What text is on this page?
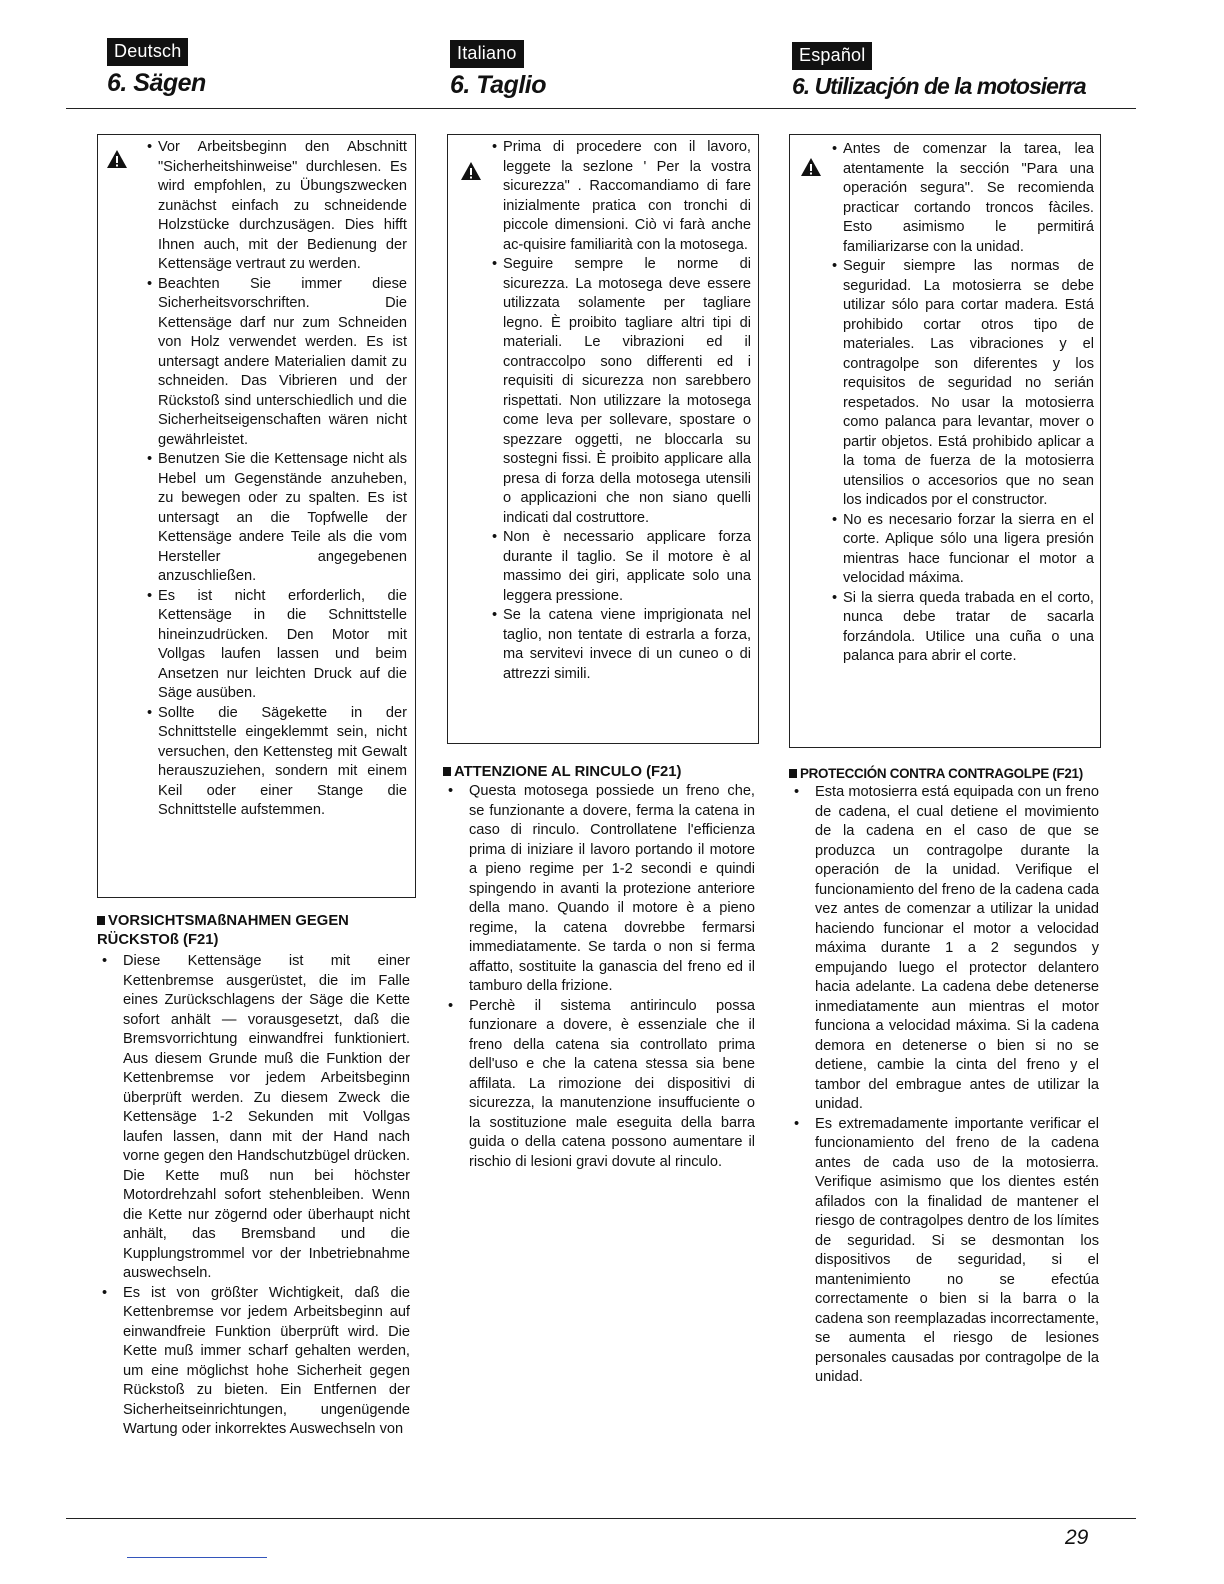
Deutsch
6. Sägen
Italiano
6. Taglio
Español
6. Utilizacjón de la motosierra
• Vor Arbeitsbeginn den Abschnitt "Sicherheitshinweise" durchlesen. Es wird empfohlen, zu Übungszwecken zunächst einfach zu schneidende Holzstücke durchzusägen. Dies hifft Ihnen auch, mit der Bedienung der Kettensäge vertraut zu werden.
• Beachten Sie immer diese Sicherheitsvorschriften. Die Kettensäge darf nur zum Schneiden von Holz verwendet werden. Es ist untersagt andere Materialien damit zu schneiden. Das Vibrieren und der Rückstoß sind unterschiedlich und die Sicherheitseigenschaften wären nicht gewährleistet.
• Benutzen Sie die Kettensage nicht als Hebel um Gegenstände anzuheben, zu bewegen oder zu spalten. Es ist untersagt an die Topfwelle der Kettensäge andere Teile als die vom Hersteller angegebenen anzuschließen.
• Es ist nicht erforderlich, die Kettensäge in die Schnittstelle hineinzudrücken. Den Motor mit Vollgas laufen lassen und beim Ansetzen nur leichten Druck auf die Säge ausüben.
• Sollte die Sägekette in der Schnittstelle eingeklemmt sein, nicht versuchen, den Kettensteg mit Gewalt herauszuziehen, sondern mit einem Keil oder einer Stange die Schnittstelle aufstemmen.
VORSICHTSMAßNAHMEN GEGEN RÜCKSTOß (F21)
• Diese Kettensäge ist mit einer Kettenbremse ausgerüstet, die im Falle eines Zurückschlagens der Säge die Kette sofort anhält — vorausgesetzt, daß die Bremsvorrichtung einwandfrei funktioniert. Aus diesem Grunde muß die Funktion der Kettenbremse vor jedem Arbeitsbeginn überprüft werden. Zu diesem Zweck die Kettensäge 1-2 Sekunden mit Vollgas laufen lassen, dann mit der Hand nach vorne gegen den Handschutzbügel drücken. Die Kette muß nun bei höchster Motordrehzahl sofort stehenbleiben. Wenn die Kette nur zögernd oder überhaupt nicht anhält, das Bremsband und die Kupplungstrommel vor der Inbetriebnahme auswechseln.
• Es ist von größter Wichtigkeit, daß die Kettenbremse vor jedem Arbeitsbeginn auf einwandfreie Funktion überprüft wird. Die Kette muß immer scharf gehalten werden, um eine möglichst hohe Sicherheit gegen Rückstoß zu bieten. Ein Entfernen der Sicherheitseinrichtungen, ungenügende Wartung oder inkorrektes Auswechseln von
• Prima di procedere con il lavoro, leggete la sezlone ' Per la vostra sicurezza" . Raccomandiamo di fare inizialmente pratica con tronchi di piccole dimensioni. Ciò vi farà anche ac-quisire familiarità con la motosega.
• Seguire sempre le norme di sicurezza. La motosega deve essere utilizzata solamente per tagliare legno. È proibito tagliare altri tipi di materiali. Le vibrazioni ed il contraccolpo sono differenti ed i requisiti di sicurezza non sarebbero rispettati. Non utilizzare la motosega come leva per sollevare, spostare o spezzare oggetti, ne bloccarla su sostegni fissi. È proibito applicare alla presa di forza della motosega utensili o applicazioni che non siano quelli indicati dal costruttore.
• Non è necessario applicare forza durante il taglio. Se il motore è al massimo dei giri, applicate solo una leggera pressione.
• Se la catena viene imprigionata nel taglio, non tentate di estrarla a forza, ma servitevi invece di un cuneo o di attrezzi simili.
ATTENZIONE AL RINCULO (F21)
• Questa motosega possiede un freno che, se funzionante a dovere, ferma la catena in caso di rinculo. Controllatene l'efficienza prima di iniziare il lavoro portando il motore a pieno regime per 1-2 secondi e quindi spingendo in avanti la protezione anteriore della mano. Quando il motore è a pieno regime, la catena dovrebbe fermarsi immediatamente. Se tarda o non si ferma affatto, sostituite la ganascia del freno ed il tamburo della frizione.
• Perchè il sistema antirinculo possa funzionare a dovere, è essenziale che il freno della catena sia controllato prima dell'uso e che la catena stessa sia bene affilata. La rimozione dei dispositivi di sicurezza, la manutenzione insuffuciente o la sostituzione male eseguita della barra guida o della catena possono aumentare il rischio di lesioni gravi dovute al rinculo.
• Antes de comenzar la tarea, lea atentamente la sección "Para una operación segura". Se recomienda practicar cortando troncos fàciles. Esto asimismo le permitirá familiarizarse con la unidad.
• Seguir siempre las normas de seguridad. La motosierra se debe utilizar sólo para cortar madera. Está prohibido cortar otros tipo de materiales. Las vibraciones y el contragolpe son diferentes y los requisitos de seguridad no serián respetados. No usar la motosierra como palanca para levantar, mover o partir objetos. Está prohibido aplicar a la toma de fuerza de la motosierra utensilios o accesorios que no sean los indicados por el constructor.
• No es necesario forzar la sierra en el corte. Aplique sólo una ligera presión mientras hace funcionar el motor a velocidad máxima.
• Si la sierra queda trabada en el corto, nunca debe tratar de sacarla forzándola. Utilice una cuña o una palanca para abrir el corte.
PROTECCIÓN CONTRA CONTRAGOLPE (F21)
• Esta motosierra está equipada con un freno de cadena, el cual detiene el movimiento de la cadena en el caso de que se produzca un contragolpe durante la operación de la unidad. Verifique el funcionamiento del freno de la cadena cada vez antes de comenzar a utilizar la unidad haciendo funcionar el motor a velocidad máxima durante 1 a 2 segundos y empujando luego el protector delantero hacia adelante. La cadena debe detenerse inmediatamente aun mientras el motor funciona a velocidad máxima. Si la cadena demora en detenerse o bien si no se detiene, cambie la cinta del freno y el tambor del embrague antes de utilizar la unidad.
• Es extremadamente importante verificar el funcionamiento del freno de la cadena antes de cada uso de la motosierra. Verifique asimismo que los dientes estén afilados con la finalidad de mantener el riesgo de contragolpes dentro de los límites de seguridad. Si se desmontan los dispositivos de seguridad, si el mantenimiento no se efectúa correctamente o bien si la barra o la cadena son reemplazadas incorrectamente, se aumenta el riesgo de lesiones personales causadas por contragolpe de la unidad.
29
